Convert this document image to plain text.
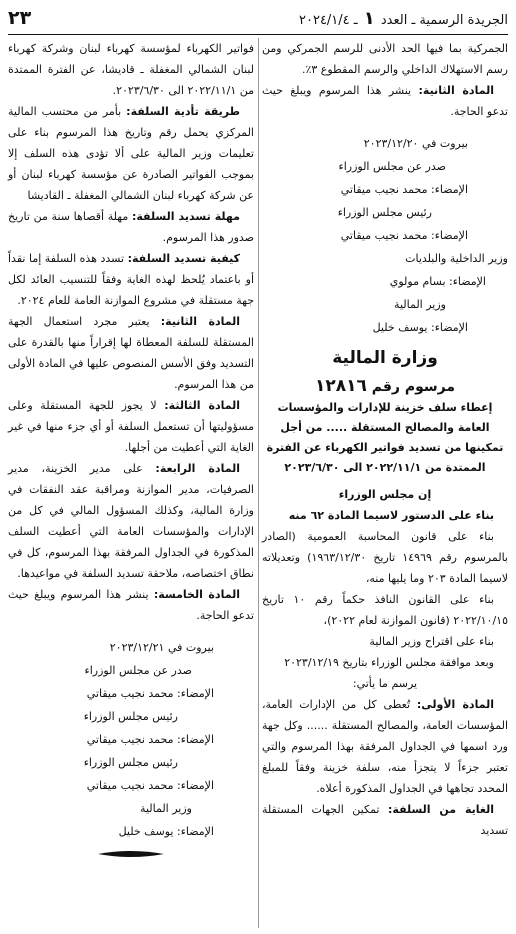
الجريدة الرسمية ـ العدد ١ ـ ٢٠٢٤/١/٤
٢٣

الجمركية بما فيها الحد الأدنى للرسم الجمركي ومن رسم الاستهلاك الداخلي والرسم المقطوع ٣٪.

المادة الثانية: ينشر هذا المرسوم ويبلغ حيث تدعو الحاجة.

بيروت في ٢٠٢٣/١٢/٢٠
صدر عن مجلس الوزراء
الإمضاء: محمد نجيب ميقاتي
رئيس مجلس الوزراء
الإمضاء: محمد نجيب ميقاتي
وزير الداخلية والبلديات
الإمضاء: بسام مولوي
وزير المالية
الإمضاء: يوسف خليل
وزارة المالية
مرسوم رقم ١٢٨١٦
إعطاء سلف خزينة للإدارات والمؤسسات العامة والمصالح المستقلة ..... من أجل تمكينها من تسديد فواتير الكهرباء عن الفترة الممتدة من ٢٠٢٢/١١/١ الى ٢٠٢٣/٦/٣٠

إن مجلس الوزراء

بناء على الدستور لاسيما المادة ٦٢ منه

بناء على قانون المحاسبة العمومية (الصادر بالمرسوم رقم ١٤٩٦٩ تاريخ ١٩٦٣/١٢/٣٠) وتعديلاته لاسيما المادة ٢٠٣ وما يليها منه،

بناء على القانون النافذ حكماً رقم ١٠ تاريخ ٢٠٢٢/١٠/١٥ (قانون الموازنة لعام ٢٠٢٢)،

بناء على اقتراح وزير المالية

وبعد موافقة مجلس الوزراء بتاريخ ٢٠٢٣/١٢/١٩

يرسم ما يأتي:

المادة الأولى: تُعطى كل من الإدارات العامة، المؤسسات العامة، والمصالح المستقلة ...... وكل جهة ورد اسمها في الجداول المرفقة بهذا المرسوم والتي تعتبر جزءاً لا يتجزأ منه، سلفة خزينة وفقاً للمبلغ المحدد تجاهها في الجداول المذكورة أعلاه.

الغاية من السلفة: تمكين الجهات المستقلة تسديد

فواتير الكهرباء لمؤسسة كهرباء لبنان وشركة كهرباء لبنان الشمالي المغفلة ـ قاديشا، عن الفترة الممتدة من ٢٠٢٢/١١/١ الى ٢٠٢٣/٦/٣٠.

طريقة تأدية السلفة: بأمر من محتسب المالية المركزي يحمل رقم وتاريخ هذا المرسوم بناء على تعليمات وزير المالية على ألا تؤدى هذه السلف إلا بموجب الفواتير الصادرة عن مؤسسة كهرباء لبنان أو عن شركة كهرباء لبنان الشمالي المغفلة ـ القاديشا

مهلة تسديد السلفة: مهلة أقصاها سنة من تاريخ صدور هذا المرسوم.

كيفية تسديد السلفة: تسدد هذه السلفة إما نقداً أو باعتماد يُلحظ لهذه الغاية وفقاً للتنسيب العائد لكل جهة مستقلة في مشروع الموازنة العامة للعام ٢٠٢٤.

المادة الثانية: يعتبر مجرد استعمال الجهة المستقلة للسلفة المعطاة لها إقراراً منها بالقدرة على التسديد وفق الأسس المنصوص عليها في المادة الأولى من هذا المرسوم.

المادة الثالثة: لا يجوز للجهة المستقلة وعلى مسؤوليتها أن تستعمل السلفة أو أي جزء منها في غير الغاية التي أعطيت من أجلها.

المادة الرابعة: على مدير الخزينة، مدير الصرفيات، مدير الموازنة ومراقبة عقد النفقات في وزارة المالية، وكذلك المسؤول المالي في كل من الإدارات والمؤسسات العامة التي أعطيت السلف المذكورة في الجداول المرفقة بهذا المرسوم، كل في نطاق اختصاصه، ملاحقة تسديد السلفة في مواعيدها.

المادة الخامسة: ينشر هذا المرسوم ويبلغ حيث تدعو الحاجة.

بيروت في ٢٠٢٣/١٢/٢١
صدر عن مجلس الوزراء
الإمضاء: محمد نجيب ميقاتي
رئيس مجلس الوزراء
الإمضاء: محمد نجيب ميقاتي
رئيس مجلس الوزراء
الإمضاء: محمد نجيب ميقاتي
وزير المالية
الإمضاء: يوسف خليل
